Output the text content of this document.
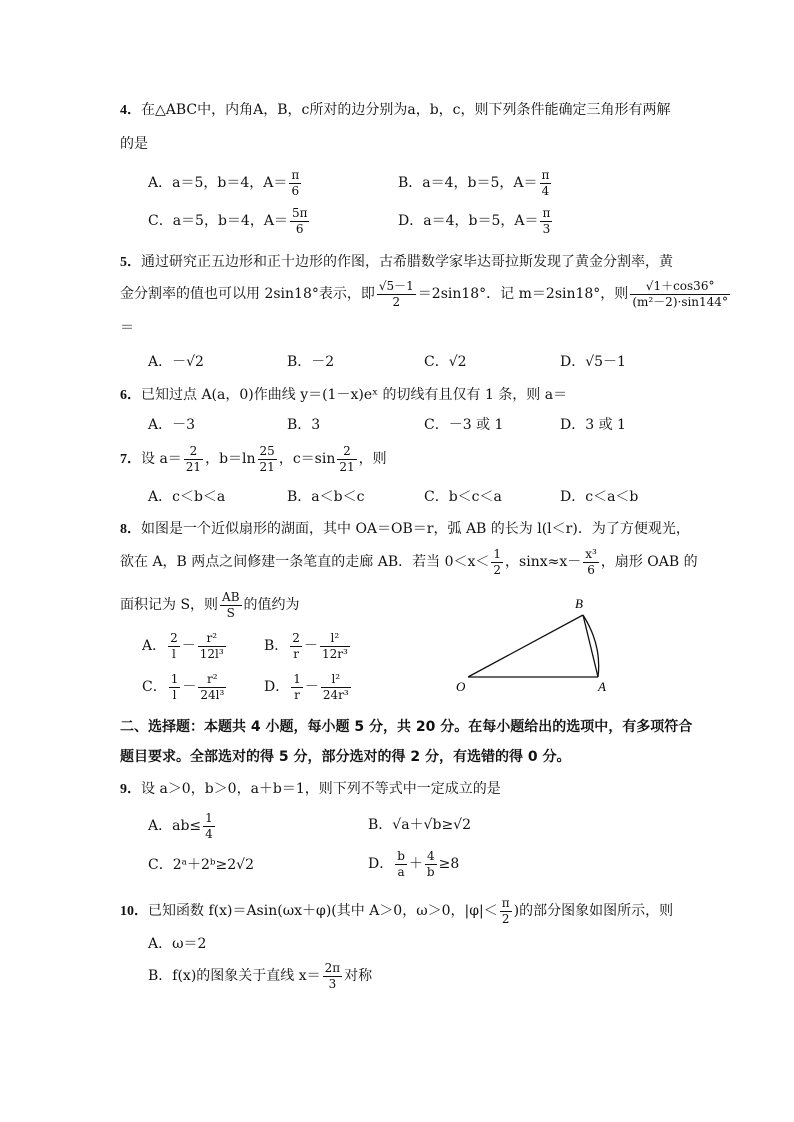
4．在△ABC中，内角A，B，c所对的边分别为a，b，c，则下列条件能确定三角形有两解
的是
A．a＝5，b＝4，$A= \frac{\pi}{6}$	B．a＝4，b＝5，$A= \frac{\pi}{4}$
C．a＝5，b＝4，$A= \frac{5\pi}{6}$	D．a＝4，b＝5，$A= \frac{\pi}{3}$
5．通过研究正五边形和正十边形的作图，古希腊数学家毕达哥拉斯发现了黄金分割率，黄
金分割率的值也可以用 2sin18°表示，即 $\frac{√5-1}{2} =2\sin 18^\circ$．记 m＝2sin18°，则 $\frac{√1+\cos 36^\circ}{\text{(m²－2)·sin144°}}$
＝
A．－√2	B．－2	C．√2	D．√5－1
6．已知过点 A(a，0)作曲线 y＝(1－x)eˣ 的切线有且仅有 1 条，则 a＝
A．－3	B．3	C．－3 或 1	D．3 或 1
7．设 $a= \frac{2}{21}$ ，$b=\ln \frac{25}{21}$ ，$c=\sin \frac{2}{21}$ ，则
A．c＜b＜a	B．a＜b＜c	C．b＜c＜a	D．c＜a＜b
8．如图是一个近似扇形的湖面，其中 OA＝OB＝r，弧 AB 的长为 l(l＜r)．为了方便观光，
欲在 A，B 两点之间修建一条笔直的走廊 AB．若当 $0<x< \frac{1}{2}$ ，$\sin x\approx x- \frac{\text{x³}}{6}$ ，扇形 OAB 的
面积记为 S，则 $\frac{AB}{S}$ 的值约为
A． $\frac{2}{l} - \frac{\text{r²}}{\text{12l³}}$	B． $\frac{2}{r} - \frac{\text{l²}}{\text{12r³}}$
C． $\frac{1}{l} - \frac{\text{r²}}{\text{24l³}}$	D． $\frac{1}{r} - \frac{\text{l²}}{\text{24r³}}$
B
O	A
二、选择题：本题共 4 小题，每小题 5 分，共 20 分。在每小题给出的选项中，有多项符合
题目要求。全部选对的得 5 分，部分选对的得 2 分，有选错的得 0 分。
9．设 a＞0，b＞0，a＋b＝1，则下列不等式中一定成立的是
A．$ab\le \frac{1}{4}$	B．√a＋√b≥√2
C．2ᵃ＋2ᵇ≥2√2	D． $\frac{b}{a} + \frac{4}{b} \ge 8$
10．已知函数 f(x)＝Asin(ωx＋φ)(其中 A＞0，ω＞0，$|\varphi|< \frac{\pi}{2}$ )的部分图象如图所示，则
A．ω＝2
B．f(x)的图象关于直线 $x= \frac{2\pi}{3}$ 对称
